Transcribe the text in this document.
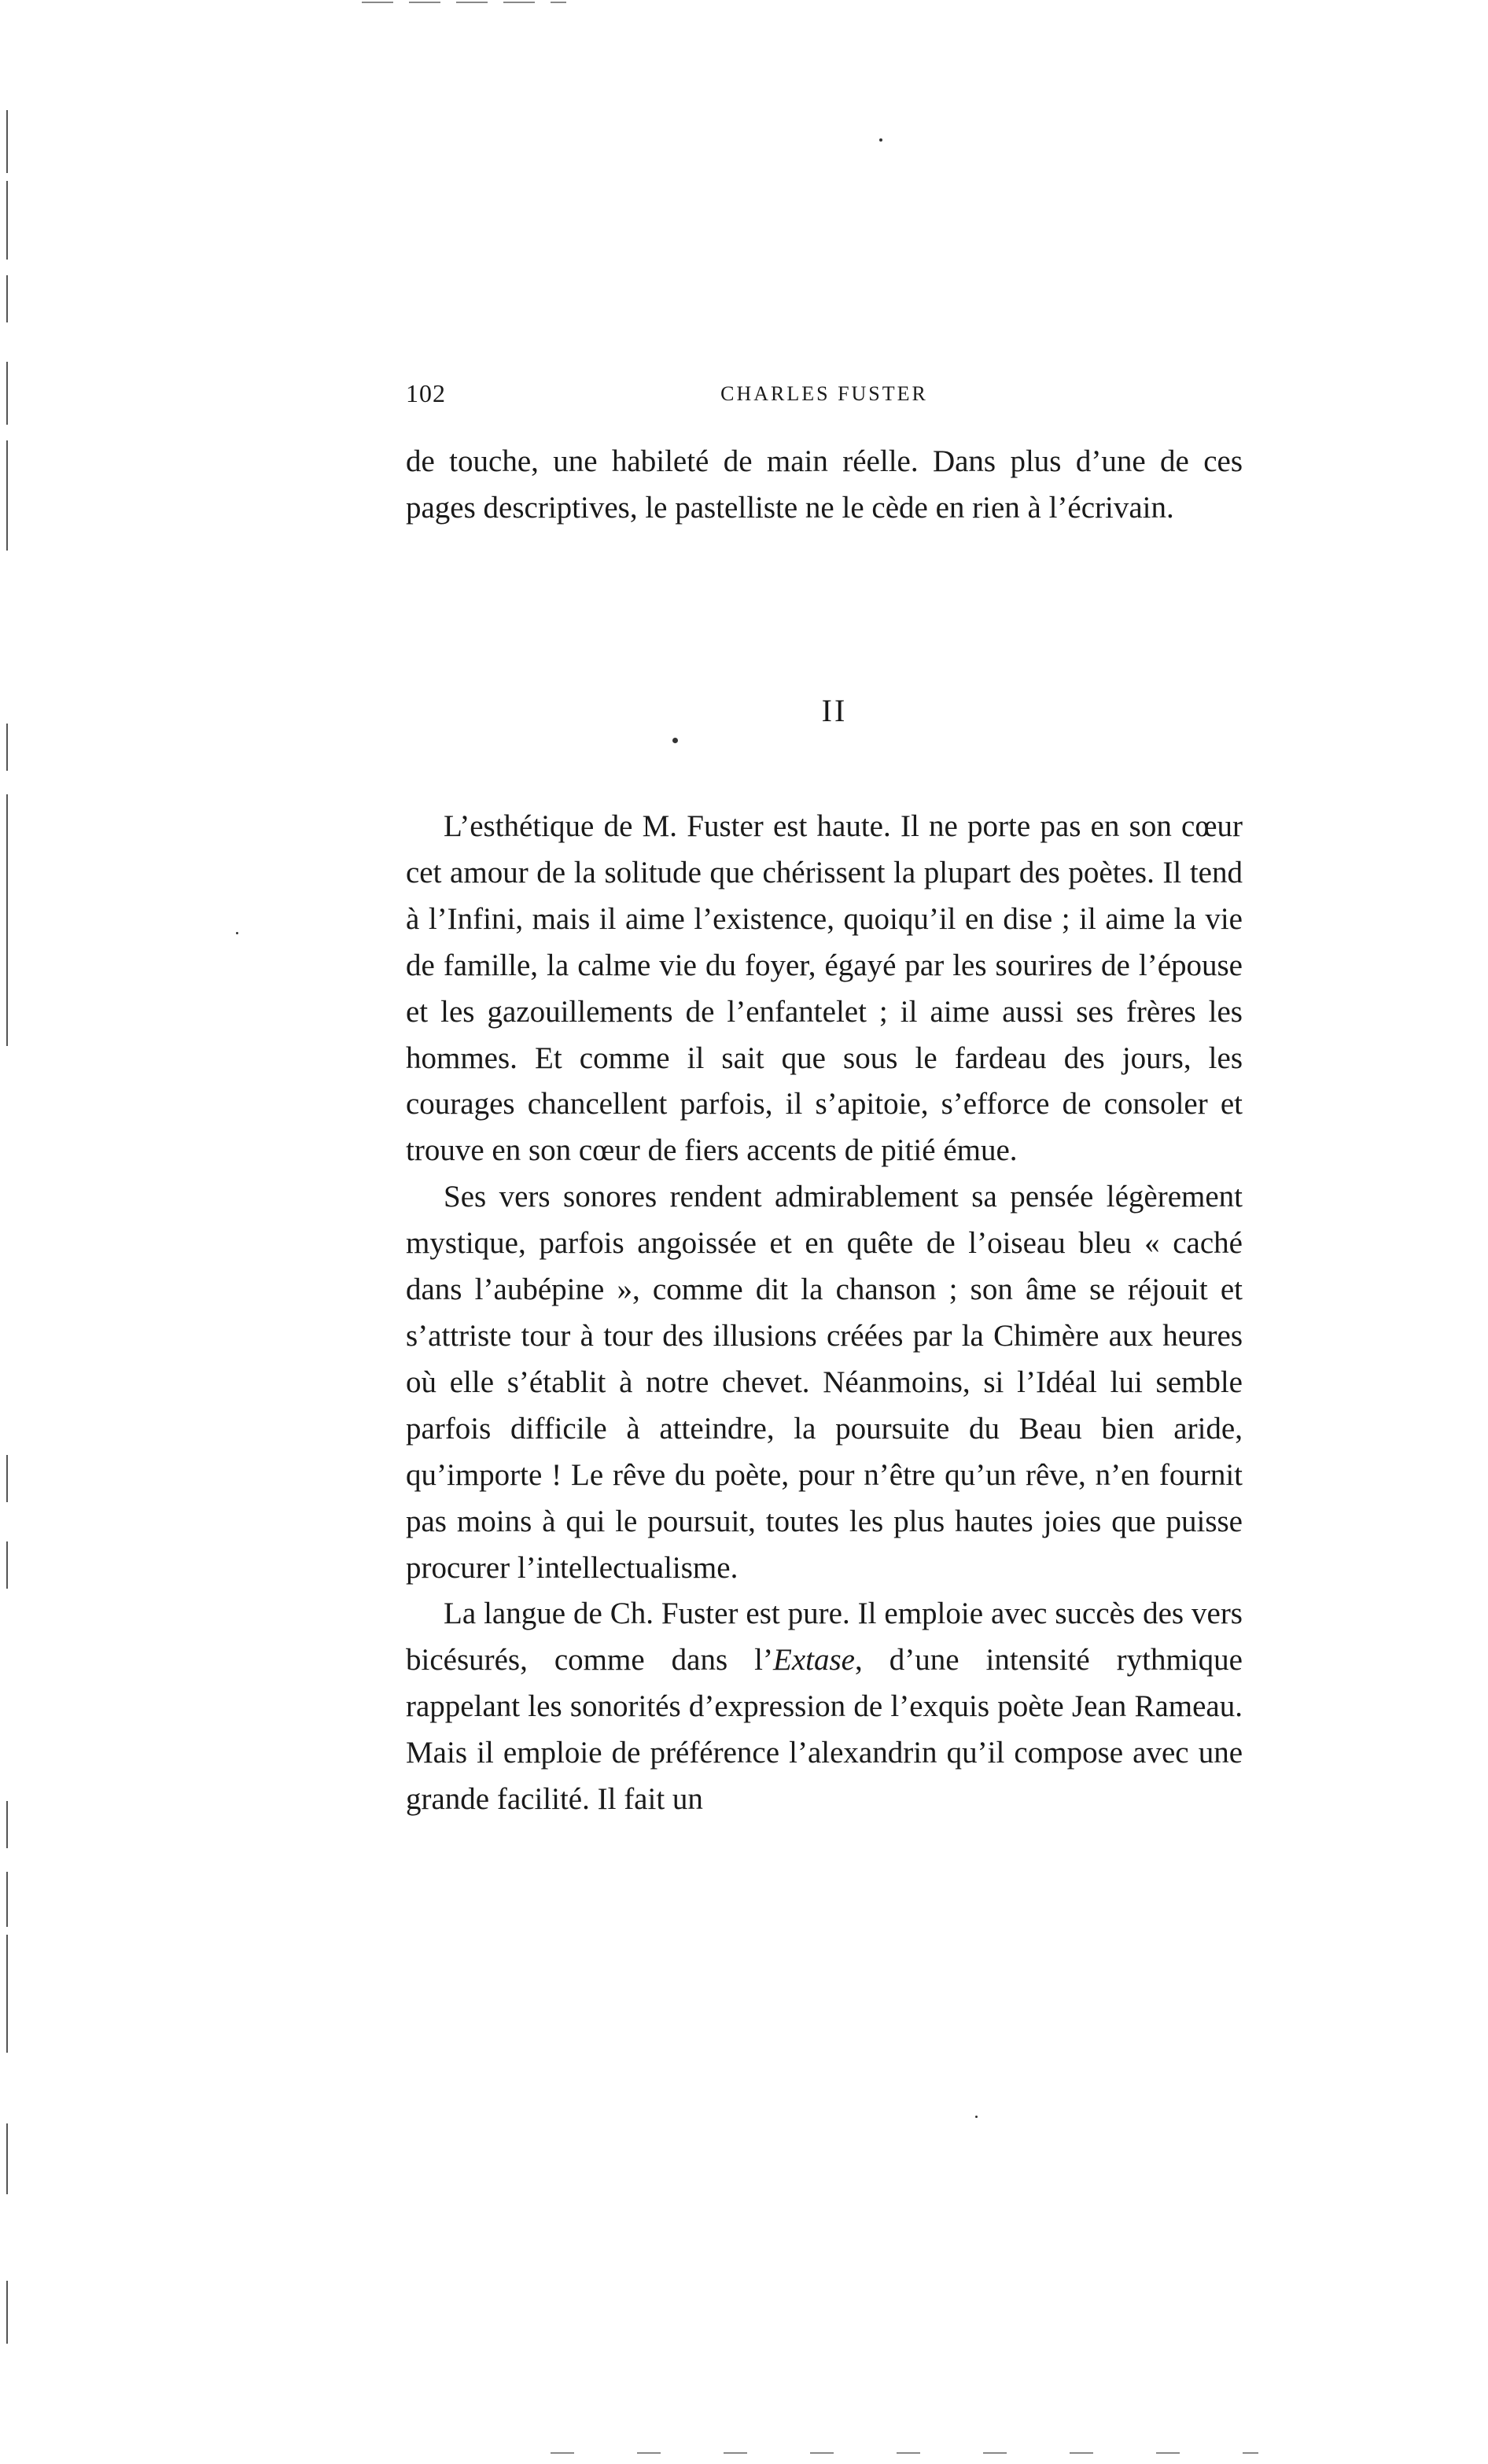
102	CHARLES FUSTER

de touche, une habileté de main réelle. Dans plus d’une de ces pages descriptives, le pastelliste ne le cède en rien à l’écrivain.

II

L’esthétique de M. Fuster est haute. Il ne porte pas en son cœur cet amour de la solitude que chérissent la plupart des poètes. Il tend à l’Infini, mais il aime l’existence, quoiqu’il en dise ; il aime la vie de famille, la calme vie du foyer, égayé par les sourires de l’épouse et les gazouillements de l’enfantelet ; il aime aussi ses frères les hommes. Et comme il sait que sous le fardeau des jours, les courages chancellent parfois, il s’apitoie, s’efforce de consoler et trouve en son cœur de fiers accents de pitié émue.

Ses vers sonores rendent admirablement sa pensée légèrement mystique, parfois angoissée et en quête de l’oiseau bleu « caché dans l’aubépine », comme dit la chanson ; son âme se réjouit et s’attriste tour à tour des illusions créées par la Chimère aux heures où elle s’établit à notre chevet. Néanmoins, si l’Idéal lui semble parfois difficile à atteindre, la poursuite du Beau bien aride, qu’importe ! Le rêve du poète, pour n’être qu’un rêve, n’en fournit pas moins à qui le poursuit, toutes les plus hautes joies que puisse procurer l’intellectualisme.

La langue de Ch. Fuster est pure. Il emploie avec succès des vers bicésurés, comme dans l’Extase, d’une intensité rythmique rappelant les sonorités d’expression de l’exquis poète Jean Rameau. Mais il emploie de préférence l’alexandrin qu’il compose avec une grande facilité. Il fait un
